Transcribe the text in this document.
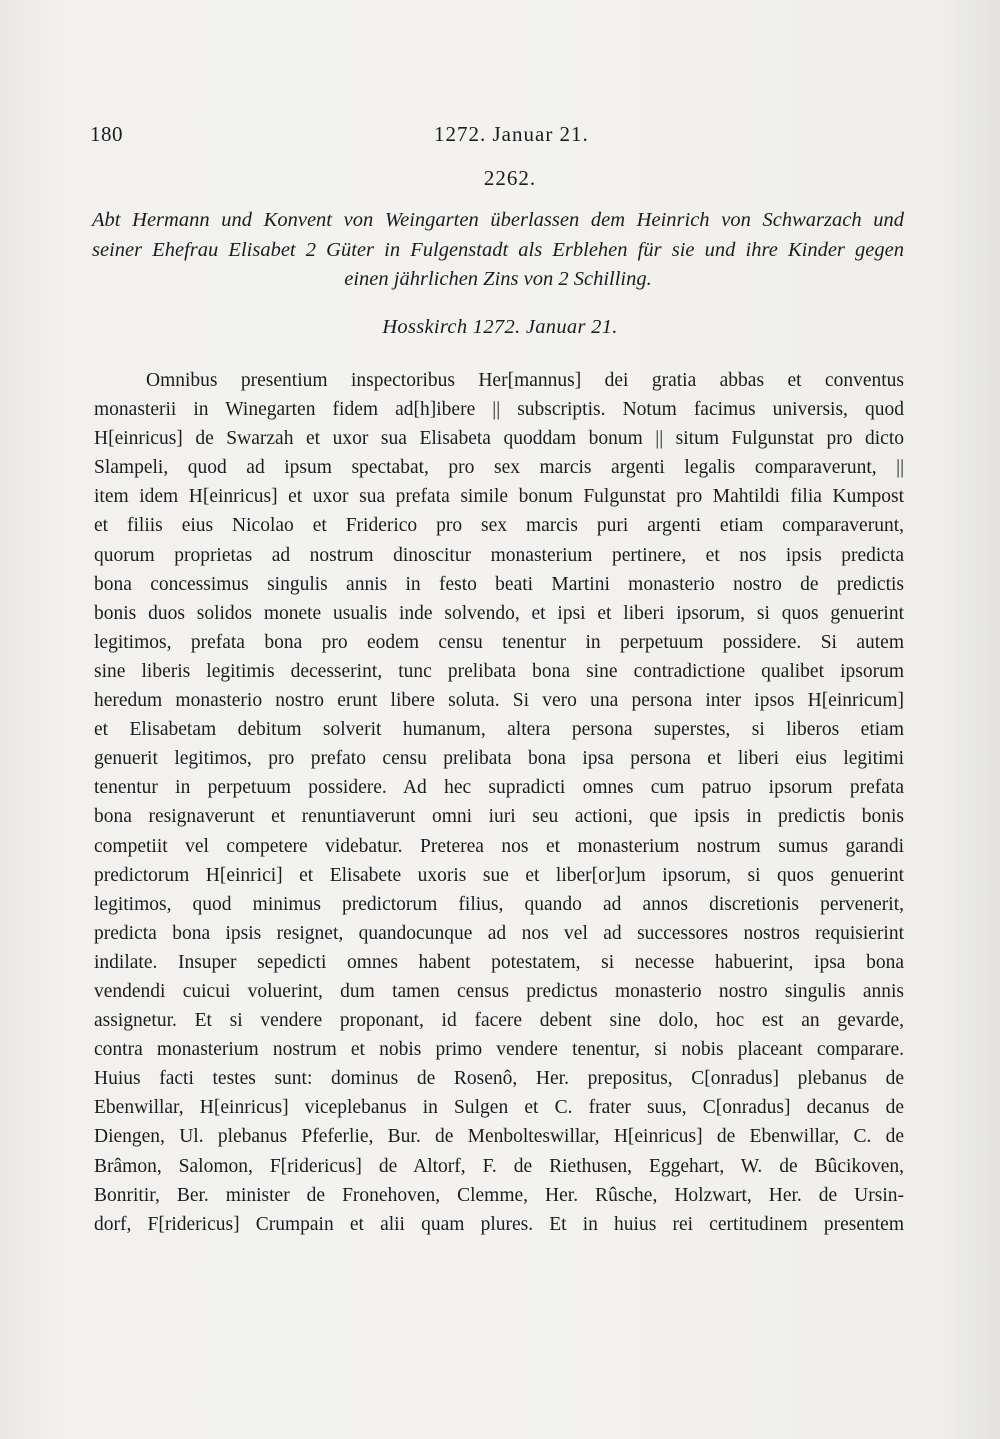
180	1272. Januar 21.
2262.
Abt Hermann und Konvent von Weingarten überlassen dem Heinrich von Schwarzach und
seiner Ehefrau Elisabet 2 Güter in Fulgenstadt als Erblehen für sie und ihre Kinder gegen
einen jährlichen Zins von 2 Schilling.
Hosskirch 1272. Januar 21.
Omnibus presentium inspectoribus Her[mannus] dei gratia abbas et conventus
monasterii in Winegarten fidem ad[h]ibere || subscriptis. Notum facimus universis, quod
H[einricus] de Swarzah et uxor sua Elisabeta quoddam bonum || situm Fulgunstat pro dicto
Slampeli, quod ad ipsum spectabat, pro sex marcis argenti legalis comparaverunt, ||
item idem H[einricus] et uxor sua prefata simile bonum Fulgunstat pro Mahtildi filia Kumpost
et filiis eius Nicolao et Friderico pro sex marcis puri argenti etiam comparaverunt,
quorum proprietas ad nostrum dinoscitur monasterium pertinere, et nos ipsis predicta
bona concessimus singulis annis in festo beati Martini monasterio nostro de predictis
bonis duos solidos monete usualis inde solvendo, et ipsi et liberi ipsorum, si quos genuerint
legitimos, prefata bona pro eodem censu tenentur in perpetuum possidere. Si autem
sine liberis legitimis decesserint, tunc prelibata bona sine contradictione qualibet ipsorum
heredum monasterio nostro erunt libere soluta. Si vero una persona inter ipsos H[einricum]
et Elisabetam debitum solverit humanum, altera persona superstes, si liberos etiam
genuerit legitimos, pro prefato censu prelibata bona ipsa persona et liberi eius legitimi
tenentur in perpetuum possidere. Ad hec supradicti omnes cum patruo ipsorum prefata
bona resignaverunt et renuntiaverunt omni iuri seu actioni, que ipsis in predictis bonis
competiit vel competere videbatur. Preterea nos et monasterium nostrum sumus garandi
predictorum H[einrici] et Elisabete uxoris sue et liber[or]um ipsorum, si quos genuerint
legitimos, quod minimus predictorum filius, quando ad annos discretionis pervenerit,
predicta bona ipsis resignet, quandocunque ad nos vel ad successores nostros requisierint
indilate. Insuper sepedicti omnes habent potestatem, si necesse habuerint, ipsa bona
vendendi cuicui voluerint, dum tamen census predictus monasterio nostro singulis annis
assignetur. Et si vendere proponant, id facere debent sine dolo, hoc est an gevarde,
contra monasterium nostrum et nobis primo vendere tenentur, si nobis placeant comparare.
Huius facti testes sunt: dominus de Rosenô, Her. prepositus, C[onradus] plebanus de
Ebenwillar, H[einricus] viceplebanus in Sulgen et C. frater suus, C[onradus] decanus de
Diengen, Ul. plebanus Pfeferlie, Bur. de Menbolteswillar, H[einricus] de Ebenwillar, C. de
Brâmon, Salomon, F[ridericus] de Altorf, F. de Riethusen, Eggehart, W. de Bûcikoven,
Bonritir, Ber. minister de Fronehoven, Clemme, Her. Rûsche, Holzwart, Her. de Ursin-
dorf, F[ridericus] Crumpain et alii quam plures. Et in huius rei certitudinem presentem
